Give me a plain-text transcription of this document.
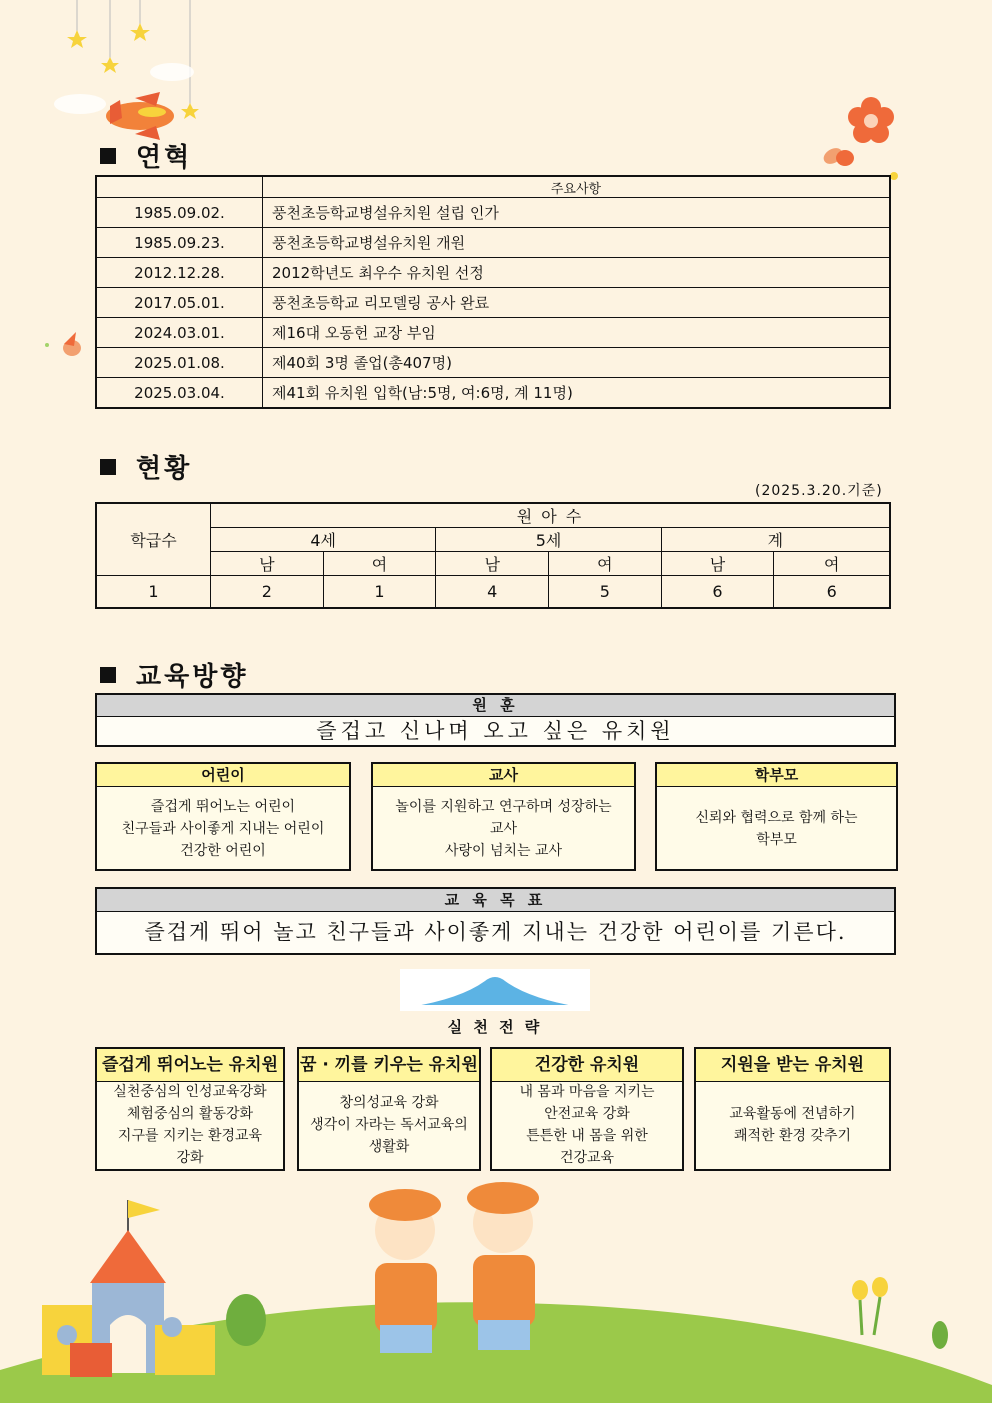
연혁
	주요사항
1985.09.02.	풍천초등학교병설유치원 설립 인가
1985.09.23.	풍천초등학교병설유치원 개원
2012.12.28.	2012학년도 최우수 유치원 선정
2017.05.01.	풍천초등학교 리모델링 공사 완료
2024.03.01.	제16대 오동헌 교장 부임
2025.01.08.	제40회 3명 졸업(총407명)
2025.03.04.	제41회 유치원 입학(남:5명, 여:6명, 계 11명)
현황
(2025.3.20.기준)
학급수	원 아 수					
	4세		5세		계	
	남	여	남	여	남	여
1	2	1	4	5	6	6
교육방향
원 훈
즐겁고 신나며 오고 싶은 유치원
어린이
즐겁게 뛰어노는 어린이
친구들과 사이좋게 지내는 어린이
건강한 어린이
교사
놀이를 지원하고 연구하며 성장하는
교사
사랑이 넘치는 교사
학부모
신뢰와 협력으로 함께 하는
학부모
교 육 목 표
즐겁게 뛰어 놀고 친구들과 사이좋게 지내는 건강한 어린이를 기른다.
실 천 전 략
즐겁게 뛰어노는 유치원
실천중심의 인성교육강화
체험중심의 활동강화
지구를 지키는 환경교육
강화
꿈 · 끼를 키우는 유치원
창의성교육 강화
생각이 자라는 독서교육의
생활화
건강한 유치원
내 몸과 마음을 지키는
안전교육 강화
튼튼한 내 몸을 위한
건강교육
지원을 받는 유치원
교육활동에 전념하기
쾌적한 환경 갖추기
